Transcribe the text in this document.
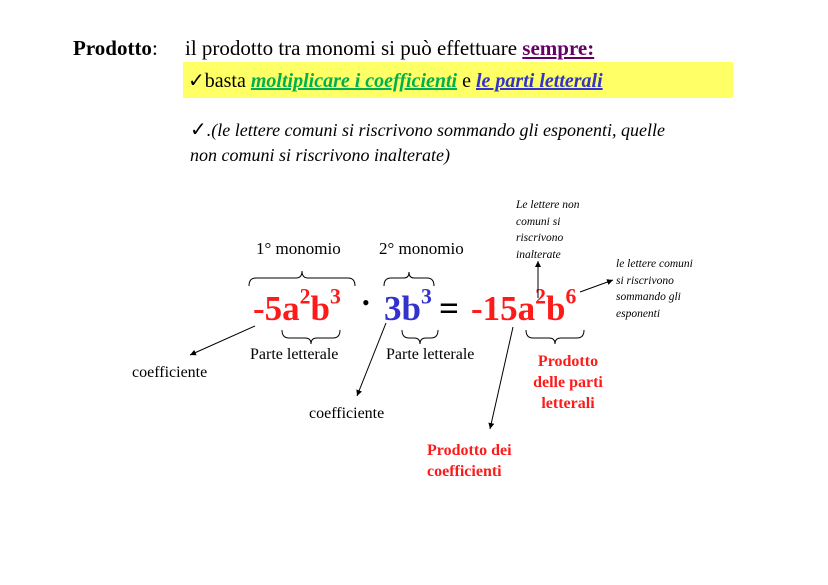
Prodotto: il prodotto tra monomi si può effettuare sempre:
✓basta moltiplicare i coefficienti e le parti letterali
✓.(le lettere comuni si riscrivono sommando gli esponenti, quelle
non comuni si riscrivono inalterate)
1° monomio 2° monomio
$-5a^2b^3$ • $3b^3 = -15a^2b^6$
Parte letterale	Parte letterale
coefficiente
coefficiente
Le lettere non
comuni si
riscrivono
inalterate
le lettere comuni
si riscrivono
sommando gli
esponenti
Prodotto
delle parti
letterali
Prodotto dei
coefficienti
